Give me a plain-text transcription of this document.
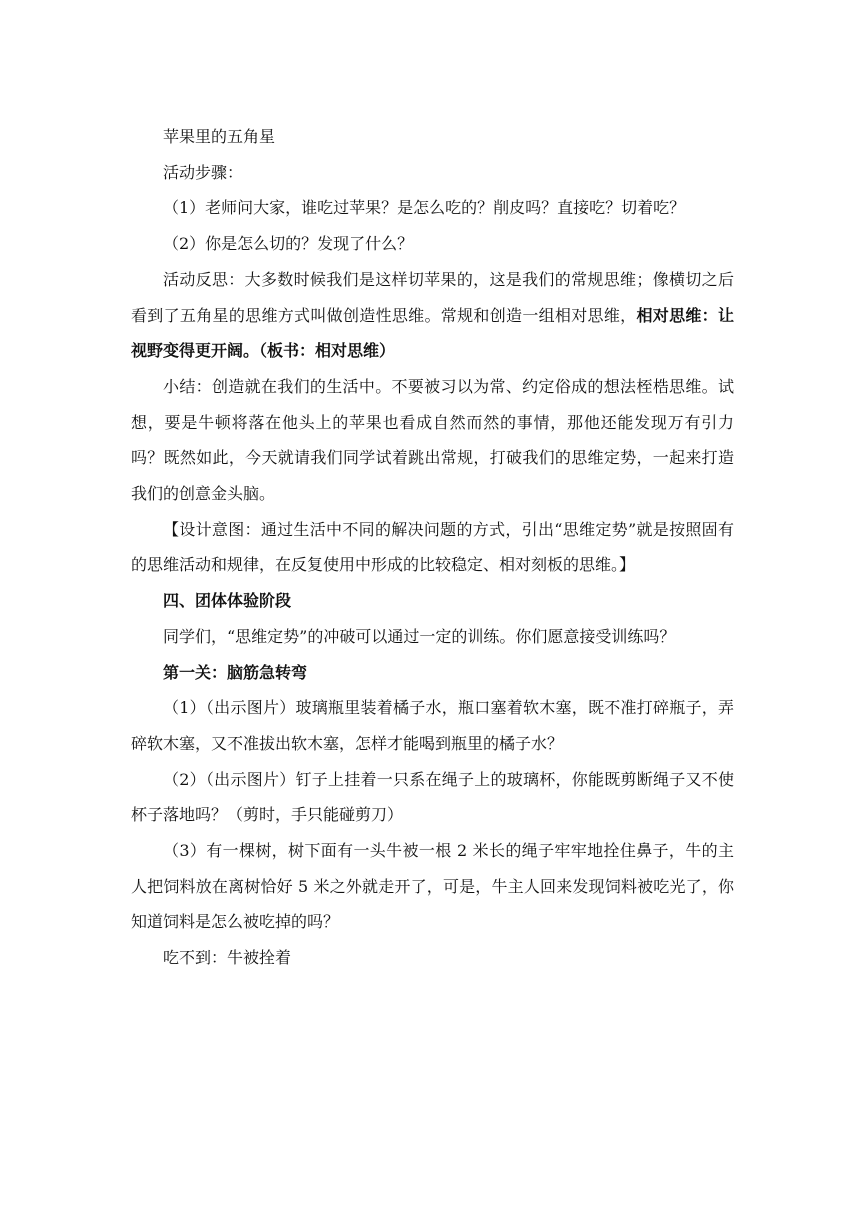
苹果里的五角星

活动步骤：

（1）老师问大家，谁吃过苹果？是怎么吃的？削皮吗？直接吃？切着吃？

（2）你是怎么切的？发现了什么？

活动反思：大多数时候我们是这样切苹果的，这是我们的常规思维；像横切之后看到了五角星的思维方式叫做创造性思维。常规和创造一组相对思维，相对思维：让视野变得更开阔。（板书：相对思维）

小结：创造就在我们的生活中。不要被习以为常、约定俗成的想法桎梏思维。试想，要是牛顿将落在他头上的苹果也看成自然而然的事情，那他还能发现万有引力吗？既然如此，今天就请我们同学试着跳出常规，打破我们的思维定势，一起来打造我们的创意金头脑。

【设计意图：通过生活中不同的解决问题的方式，引出“思维定势”就是按照固有的思维活动和规律，在反复使用中形成的比较稳定、相对刻板的思维。】

四、团体体验阶段

同学们，“思维定势”的冲破可以通过一定的训练。你们愿意接受训练吗？

第一关：脑筋急转弯

（1）（出示图片）玻璃瓶里装着橘子水，瓶口塞着软木塞，既不准打碎瓶子，弄碎软木塞，又不准拔出软木塞，怎样才能喝到瓶里的橘子水？

（2）（出示图片）钉子上挂着一只系在绳子上的玻璃杯，你能既剪断绳子又不使杯子落地吗？（剪时，手只能碰剪刀）

（3）有一棵树，树下面有一头牛被一根 2 米长的绳子牢牢地拴住鼻子，牛的主人把饲料放在离树恰好 5 米之外就走开了，可是，牛主人回来发现饲料被吃光了，你知道饲料是怎么被吃掉的吗？

吃不到：牛被拴着
